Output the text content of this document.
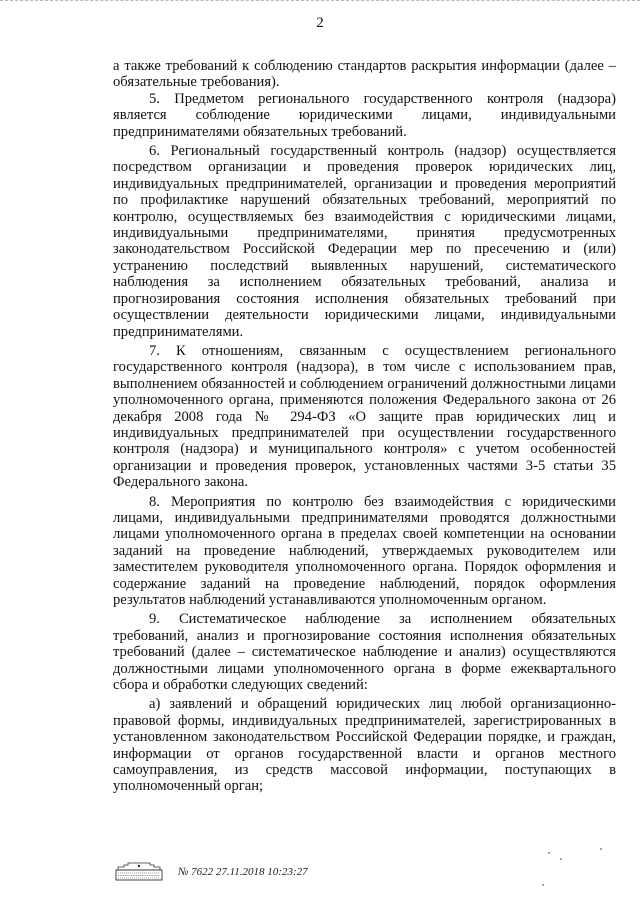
2

а также требований к соблюдению стандартов раскрытия информации (далее – обязательные требования).

5. Предметом регионального государственного контроля (надзора) является соблюдение юридическими лицами, индивидуальными предпринимателями обязательных требований.

6. Региональный государственный контроль (надзор) осуществляется посредством организации и проведения проверок юридических лиц, индивидуальных предпринимателей, организации и проведения мероприятий по профилактике нарушений обязательных требований, мероприятий по контролю, осуществляемых без взаимодействия с юридическими лицами, индивидуальными предпринимателями, принятия предусмотренных законодательством Российской Федерации мер по пресечению и (или) устранению последствий выявленных нарушений, систематического наблюдения за исполнением обязательных требований, анализа и прогнозирования состояния исполнения обязательных требований при осуществлении деятельности юридическими лицами, индивидуальными предпринимателями.

7. К отношениям, связанным с осуществлением регионального государственного контроля (надзора), в том числе с использованием прав, выполнением обязанностей и соблюдением ограничений должностными лицами уполномоченного органа, применяются положения Федерального закона от 26 декабря 2008 года № 294-ФЗ «О защите прав юридических лиц и индивидуальных предпринимателей при осуществлении государственного контроля (надзора) и муниципального контроля» с учетом особенностей организации и проведения проверок, установленных частями 3-5 статьи 35 Федерального закона.

8. Мероприятия по контролю без взаимодействия с юридическими лицами, индивидуальными предпринимателями проводятся должностными лицами уполномоченного органа в пределах своей компетенции на основании заданий на проведение наблюдений, утверждаемых руководителем или заместителем руководителя уполномоченного органа. Порядок оформления и содержание заданий на проведение наблюдений, порядок оформления результатов наблюдений устанавливаются уполномоченным органом.

9. Систематическое наблюдение за исполнением обязательных требований, анализ и прогнозирование состояния исполнения обязательных требований (далее – систематическое наблюдение и анализ) осуществляются должностными лицами уполномоченного органа в форме ежеквартального сбора и обработки следующих сведений:

а) заявлений и обращений юридических лиц любой организационно-правовой формы, индивидуальных предпринимателей, зарегистрированных в установленном законодательством Российской Федерации порядке, и граждан, информации от органов государственной власти и органов местного самоуправления, из средств массовой информации, поступающих в уполномоченный орган;

№ 7622 27.11.2018 10:23:27
